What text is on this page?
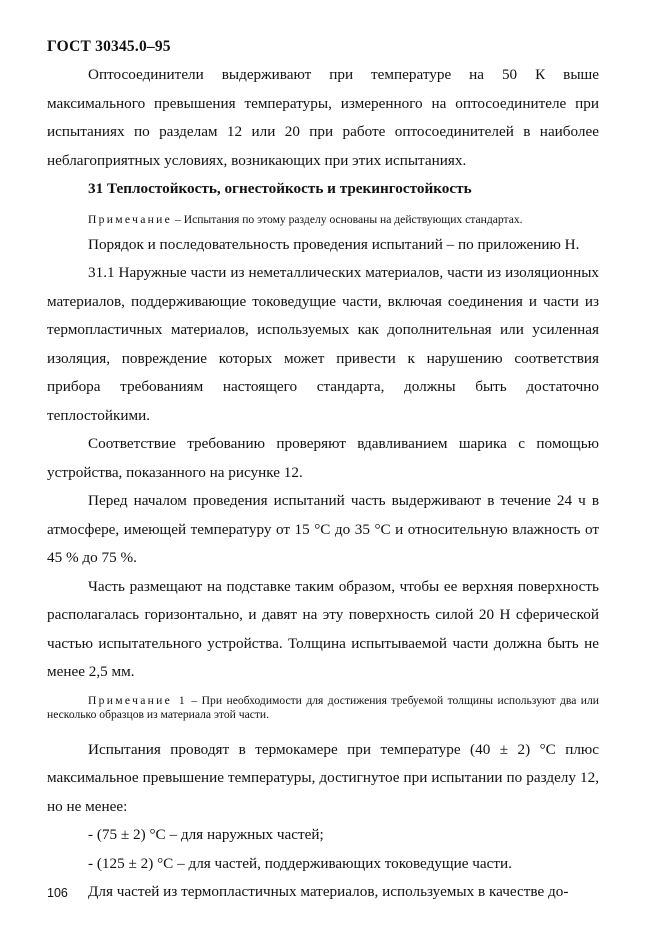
ГОСТ 30345.0–95

Оптосоединители выдерживают при температуре на 50 К выше максимального превышения температуры, измеренного на оптосоединителе при испытаниях по разделам 12 или 20 при работе оптосоединителей в наиболее неблагоприятных условиях, возникающих при этих испытаниях.

31 Теплостойкость, огнестойкость и трекингостойкость

Примечание – Испытания по этому разделу основаны на действующих стандартах.

Порядок и последовательность проведения испытаний – по приложению Н.

31.1 Наружные части из неметаллических материалов, части из изоляционных материалов, поддерживающие токоведущие части, включая соединения и части из термопластичных материалов, используемых как дополнительная или усиленная изоляция, повреждение которых может привести к нарушению соответствия прибора требованиям настоящего стандарта, должны быть достаточно теплостойкими.

Соответствие требованию проверяют вдавливанием шарика с помощью устройства, показанного на рисунке 12.

Перед началом проведения испытаний часть выдерживают в течение 24 ч в атмосфере, имеющей температуру от 15 °С до 35 °С и относительную влажность от 45 % до 75 %.

Часть размещают на подставке таким образом, чтобы ее верхняя поверхность располагалась горизонтально, и давят на эту поверхность силой 20 Н сферической частью испытательного устройства. Толщина испытываемой части должна быть не менее 2,5 мм.

Примечание 1 – При необходимости для достижения требуемой толщины используют два или несколько образцов из материала этой части.

Испытания проводят в термокамере при температуре (40 ± 2) °С плюс максимальное превышение температуры, достигнутое при испытании по разделу 12, но не менее:

- (75 ± 2) °С – для наружных частей;

- (125 ± 2) °С – для частей, поддерживающих токоведущие части.

Для частей из термопластичных материалов, используемых в качестве до-

106
